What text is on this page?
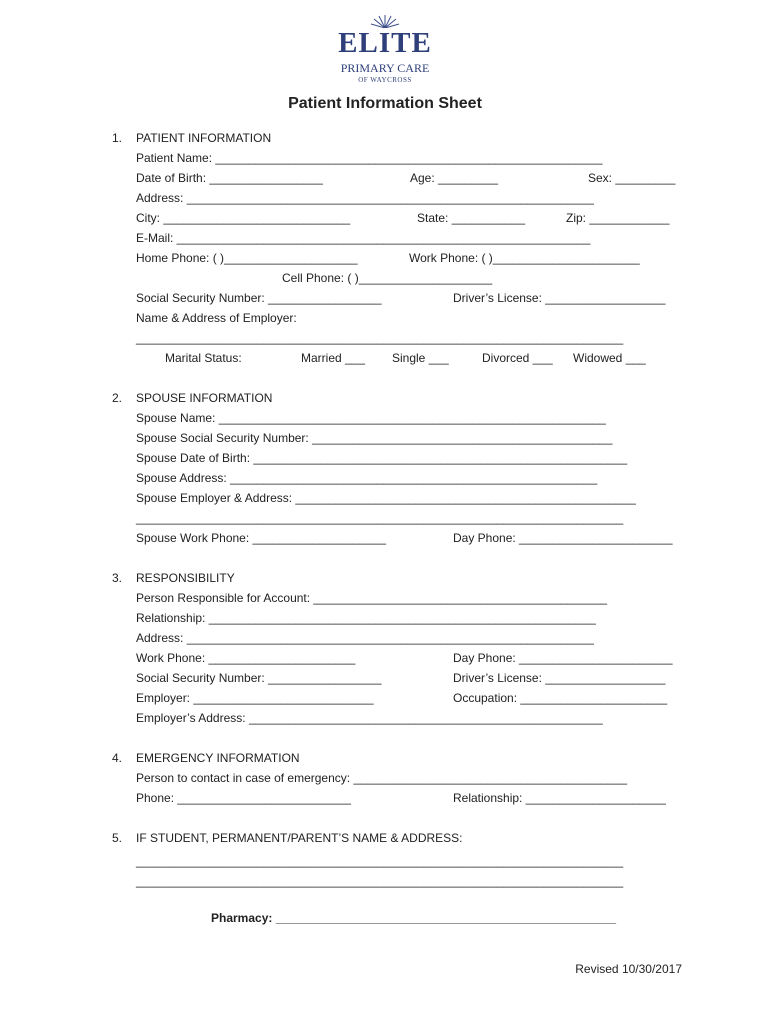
ELITE
PRIMARY CARE
OF WAYCROSS
Patient Information Sheet
1. PATIENT INFORMATION
Patient Name: __________________________________________________________
Date of Birth: _________________	Age: _________	Sex: _________
Address: _____________________________________________________________
City: ____________________________	State: ___________	Zip: ____________
E-Mail: ______________________________________________________________
Home Phone: ( )____________________	Work Phone: ( )______________________
Cell Phone: ( )____________________
Social Security Number: _________________	Driver’s License: __________________
Name & Address of Employer:
_________________________________________________________________________
Marital Status:	Married ___ Single ___	Divorced ___ Widowed ___
2. SPOUSE INFORMATION
Spouse Name: __________________________________________________________
Spouse Social Security Number: _____________________________________________
Spouse Date of Birth: ________________________________________________________
Spouse Address: _______________________________________________________
Spouse Employer & Address: ___________________________________________________
_________________________________________________________________________
Spouse Work Phone: ____________________	Day Phone: _______________________
3. RESPONSIBILITY
Person Responsible for Account: ____________________________________________
Relationship: __________________________________________________________
Address: _____________________________________________________________
Work Phone: ______________________	Day Phone: _______________________
Social Security Number: _________________	Driver’s License: __________________
Employer: ___________________________	Occupation: ______________________
Employer’s Address: _____________________________________________________
4. EMERGENCY INFORMATION
Person to contact in case of emergency: _________________________________________
Phone: __________________________	Relationship: _____________________
5. IF STUDENT, PERMANENT/PARENT’S NAME & ADDRESS:
_________________________________________________________________________
_________________________________________________________________________
Pharmacy: ___________________________________________________
Revised 10/30/2017
